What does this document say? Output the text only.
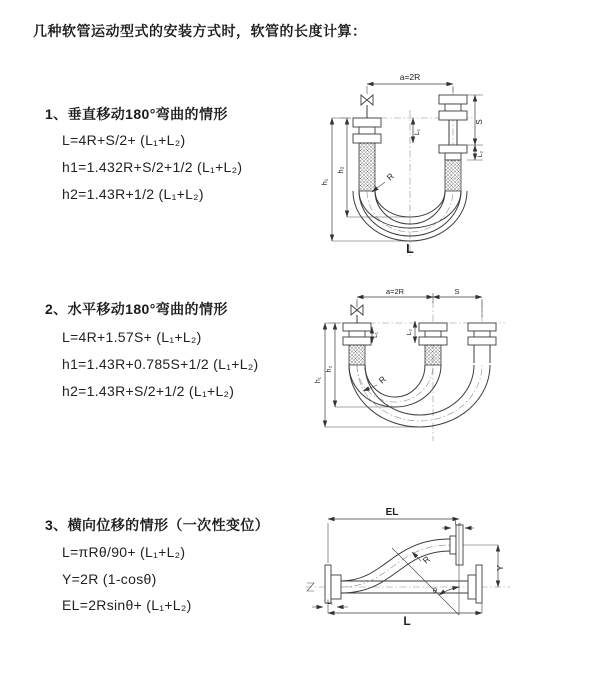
几种软管运动型式的安装方式时，软管的长度计算：
1、垂直移动180°弯曲的情形
L=4R+S/2+ (L₁+L₂)
h1=1.432R+S/2+1/2 (L₁+L₂)
h2=1.43R+1/2 (L₁+L₂)
2、水平移动180°弯曲的情形
L=4R+1.57S+ (L₁+L₂)
h1=1.43R+0.785S+1/2 (L₁+L₂)
h2=1.43R+S/2+1/2 (L₁+L₂)
3、横向位移的情形（一次性变位）
L=πRθ/90+ (L₁+L₂)
Y=2R (1-cosθ)
EL=2Rsinθ+ (L₁+L₂)
a=2R
h₁
h₂
L₁
S
L₂
R
L
a=2R	S
h₁
h₂
L₁	L₂
R
θ
EL
L₂
Y
L
L₁
R
